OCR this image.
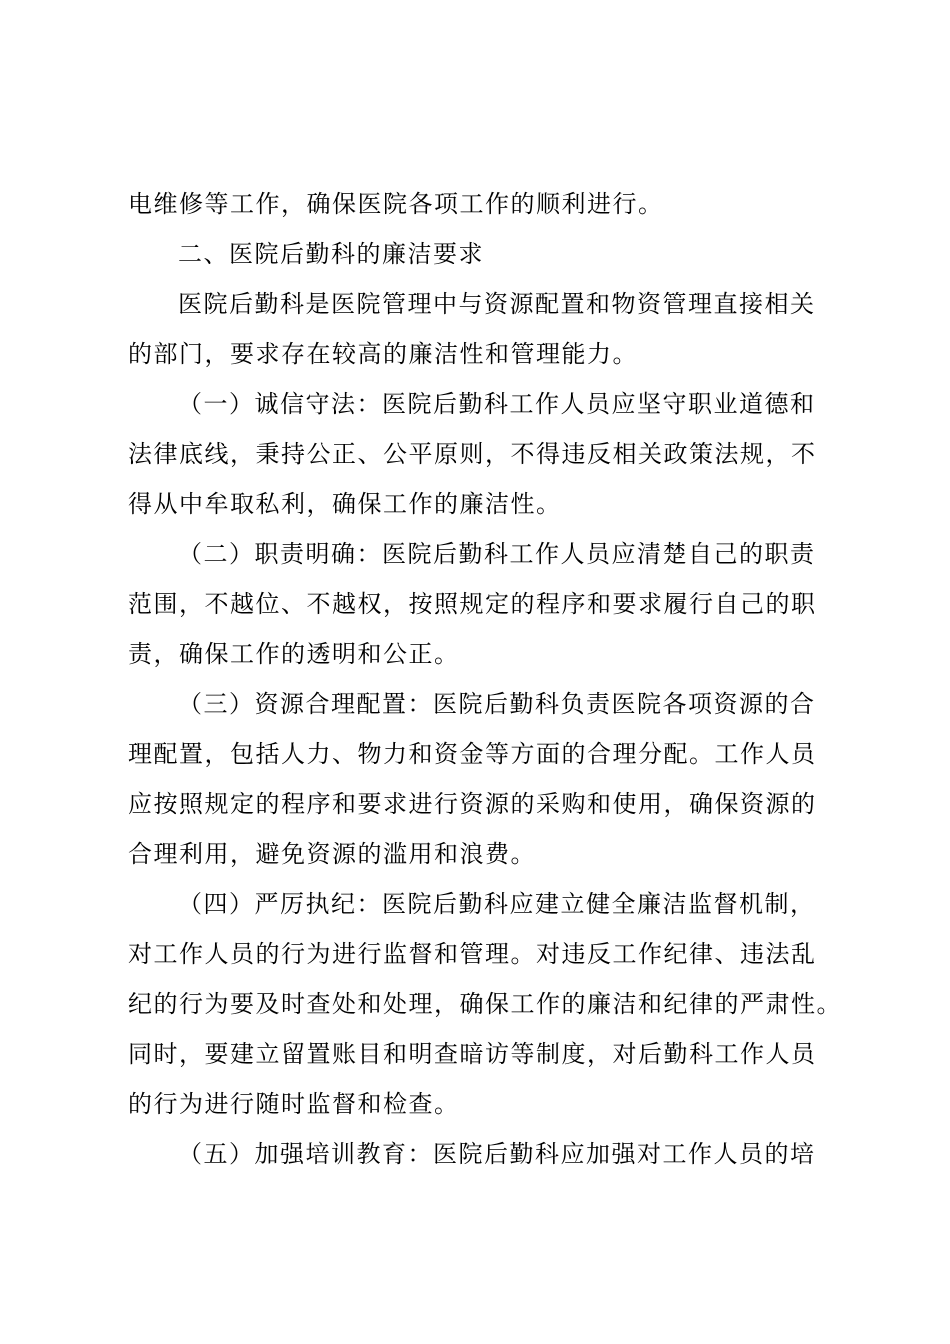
电维修等工作，确保医院各项工作的顺利进行。

二、医院后勤科的廉洁要求

医院后勤科是医院管理中与资源配置和物资管理直接相关

的部门，要求存在较高的廉洁性和管理能力。

（一）诚信守法：医院后勤科工作人员应坚守职业道德和

法律底线，秉持公正、公平原则，不得违反相关政策法规，不

得从中牟取私利，确保工作的廉洁性。

（二）职责明确：医院后勤科工作人员应清楚自己的职责

范围，不越位、不越权，按照规定的程序和要求履行自己的职

责，确保工作的透明和公正。

（三）资源合理配置：医院后勤科负责医院各项资源的合

理配置，包括人力、物力和资金等方面的合理分配。工作人员

应按照规定的程序和要求进行资源的采购和使用，确保资源的

合理利用，避免资源的滥用和浪费。

（四）严厉执纪：医院后勤科应建立健全廉洁监督机制，

对工作人员的行为进行监督和管理。对违反工作纪律、违法乱

纪的行为要及时查处和处理，确保工作的廉洁和纪律的严肃性。

同时，要建立留置账目和明查暗访等制度，对后勤科工作人员

的行为进行随时监督和检查。

（五）加强培训教育：医院后勤科应加强对工作人员的培
